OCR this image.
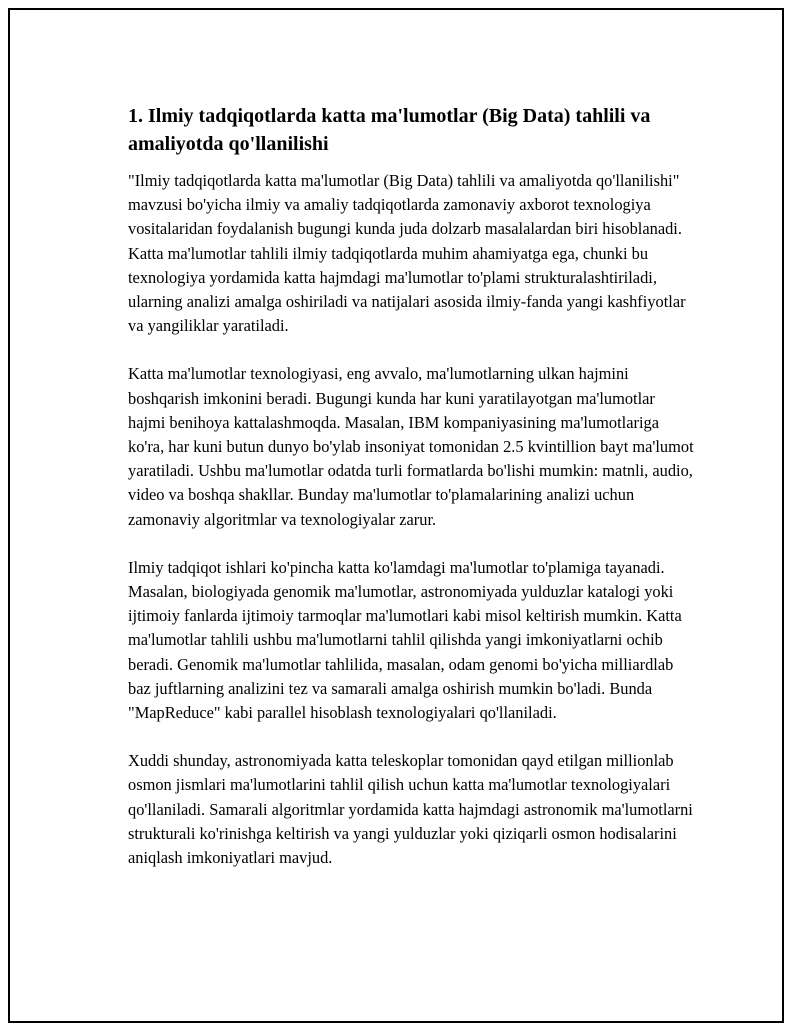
1. Ilmiy tadqiqotlarda katta ma'lumotlar (Big Data) tahlili va amaliyotda qo'llanilishi

"Ilmiy tadqiqotlarda katta ma'lumotlar (Big Data) tahlili va amaliyotda qo'llanilishi" mavzusi bo'yicha ilmiy va amaliy tadqiqotlarda zamonaviy axborot texnologiya vositalaridan foydalanish bugungi kunda juda dolzarb masalalardan biri hisoblanadi. Katta ma'lumotlar tahlili ilmiy tadqiqotlarda muhim ahamiyatga ega, chunki bu texnologiya yordamida katta hajmdagi ma'lumotlar to'plami strukturalashtiriladi, ularning analizi amalga oshiriladi va natijalari asosida ilmiy-fanda yangi kashfiyotlar va yangiliklar yaratiladi.

Katta ma'lumotlar texnologiyasi, eng avvalo, ma'lumotlarning ulkan hajmini boshqarish imkonini beradi. Bugungi kunda har kuni yaratilayotgan ma'lumotlar hajmi benihoya kattalashmoqda. Masalan, IBM kompaniyasining ma'lumotlariga ko'ra, har kuni butun dunyo bo'ylab insoniyat tomonidan 2.5 kvintillion bayt ma'lumot yaratiladi. Ushbu ma'lumotlar odatda turli formatlarda bo'lishi mumkin: matnli, audio, video va boshqa shakllar. Bunday ma'lumotlar to'plamalarining analizi uchun zamonaviy algoritmlar va texnologiyalar zarur.

Ilmiy tadqiqot ishlari ko'pincha katta ko'lamdagi ma'lumotlar to'plamiga tayanadi. Masalan, biologiyada genomik ma'lumotlar, astronomiyada yulduzlar katalogi yoki ijtimoiy fanlarda ijtimoiy tarmoqlar ma'lumotlari kabi misol keltirish mumkin. Katta ma'lumotlar tahlili ushbu ma'lumotlarni tahlil qilishda yangi imkoniyatlarni ochib beradi. Genomik ma'lumotlar tahlilida, masalan, odam genomi bo'yicha milliardlab baz juftlarning analizini tez va samarali amalga oshirish mumkin bo'ladi. Bunda "MapReduce" kabi parallel hisoblash texnologiyalari qo'llaniladi.

Xuddi shunday, astronomiyada katta teleskoplar tomonidan qayd etilgan millionlab osmon jismlari ma'lumotlarini tahlil qilish uchun katta ma'lumotlar texnologiyalari qo'llaniladi. Samarali algoritmlar yordamida katta hajmdagi astronomik ma'lumotlarni strukturali ko'rinishga keltirish va yangi yulduzlar yoki qiziqarli osmon hodisalarini aniqlash imkoniyatlari mavjud.
